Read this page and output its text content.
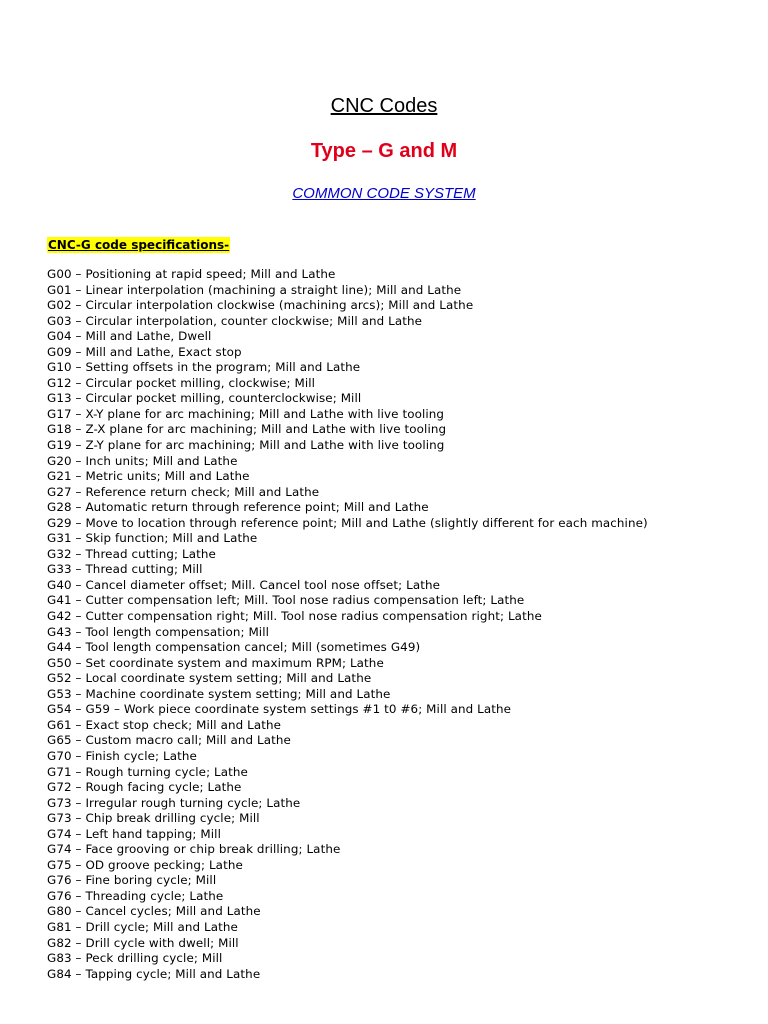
CNC Codes
Type – G and M
COMMON CODE SYSTEM
CNC-G code specifications-
G00 – Positioning at rapid speed; Mill and Lathe
G01 – Linear interpolation (machining a straight line); Mill and Lathe
G02 – Circular interpolation clockwise (machining arcs); Mill and Lathe
G03 – Circular interpolation, counter clockwise; Mill and Lathe
G04 – Mill and Lathe, Dwell
G09 – Mill and Lathe, Exact stop
G10 – Setting offsets in the program; Mill and Lathe
G12 – Circular pocket milling, clockwise; Mill
G13 – Circular pocket milling, counterclockwise; Mill
G17 – X-Y plane for arc machining; Mill and Lathe with live tooling
G18 – Z-X plane for arc machining; Mill and Lathe with live tooling
G19 – Z-Y plane for arc machining; Mill and Lathe with live tooling
G20 – Inch units; Mill and Lathe
G21 – Metric units; Mill and Lathe
G27 – Reference return check; Mill and Lathe
G28 – Automatic return through reference point; Mill and Lathe
G29 – Move to location through reference point; Mill and Lathe (slightly different for each machine)
G31 – Skip function; Mill and Lathe
G32 – Thread cutting; Lathe
G33 – Thread cutting; Mill
G40 – Cancel diameter offset; Mill. Cancel tool nose offset; Lathe
G41 – Cutter compensation left; Mill. Tool nose radius compensation left; Lathe
G42 – Cutter compensation right; Mill. Tool nose radius compensation right; Lathe
G43 – Tool length compensation; Mill
G44 – Tool length compensation cancel; Mill (sometimes G49)
G50 – Set coordinate system and maximum RPM; Lathe
G52 – Local coordinate system setting; Mill and Lathe
G53 – Machine coordinate system setting; Mill and Lathe
G54 – G59 – Work piece coordinate system settings #1 t0 #6; Mill and Lathe
G61 – Exact stop check; Mill and Lathe
G65 – Custom macro call; Mill and Lathe
G70 – Finish cycle; Lathe
G71 – Rough turning cycle; Lathe
G72 – Rough facing cycle; Lathe
G73 – Irregular rough turning cycle; Lathe
G73 – Chip break drilling cycle; Mill
G74 – Left hand tapping; Mill
G74 – Face grooving or chip break drilling; Lathe
G75 – OD groove pecking; Lathe
G76 – Fine boring cycle; Mill
G76 – Threading cycle; Lathe
G80 – Cancel cycles; Mill and Lathe
G81 – Drill cycle; Mill and Lathe
G82 – Drill cycle with dwell; Mill
G83 – Peck drilling cycle; Mill
G84 – Tapping cycle; Mill and Lathe
